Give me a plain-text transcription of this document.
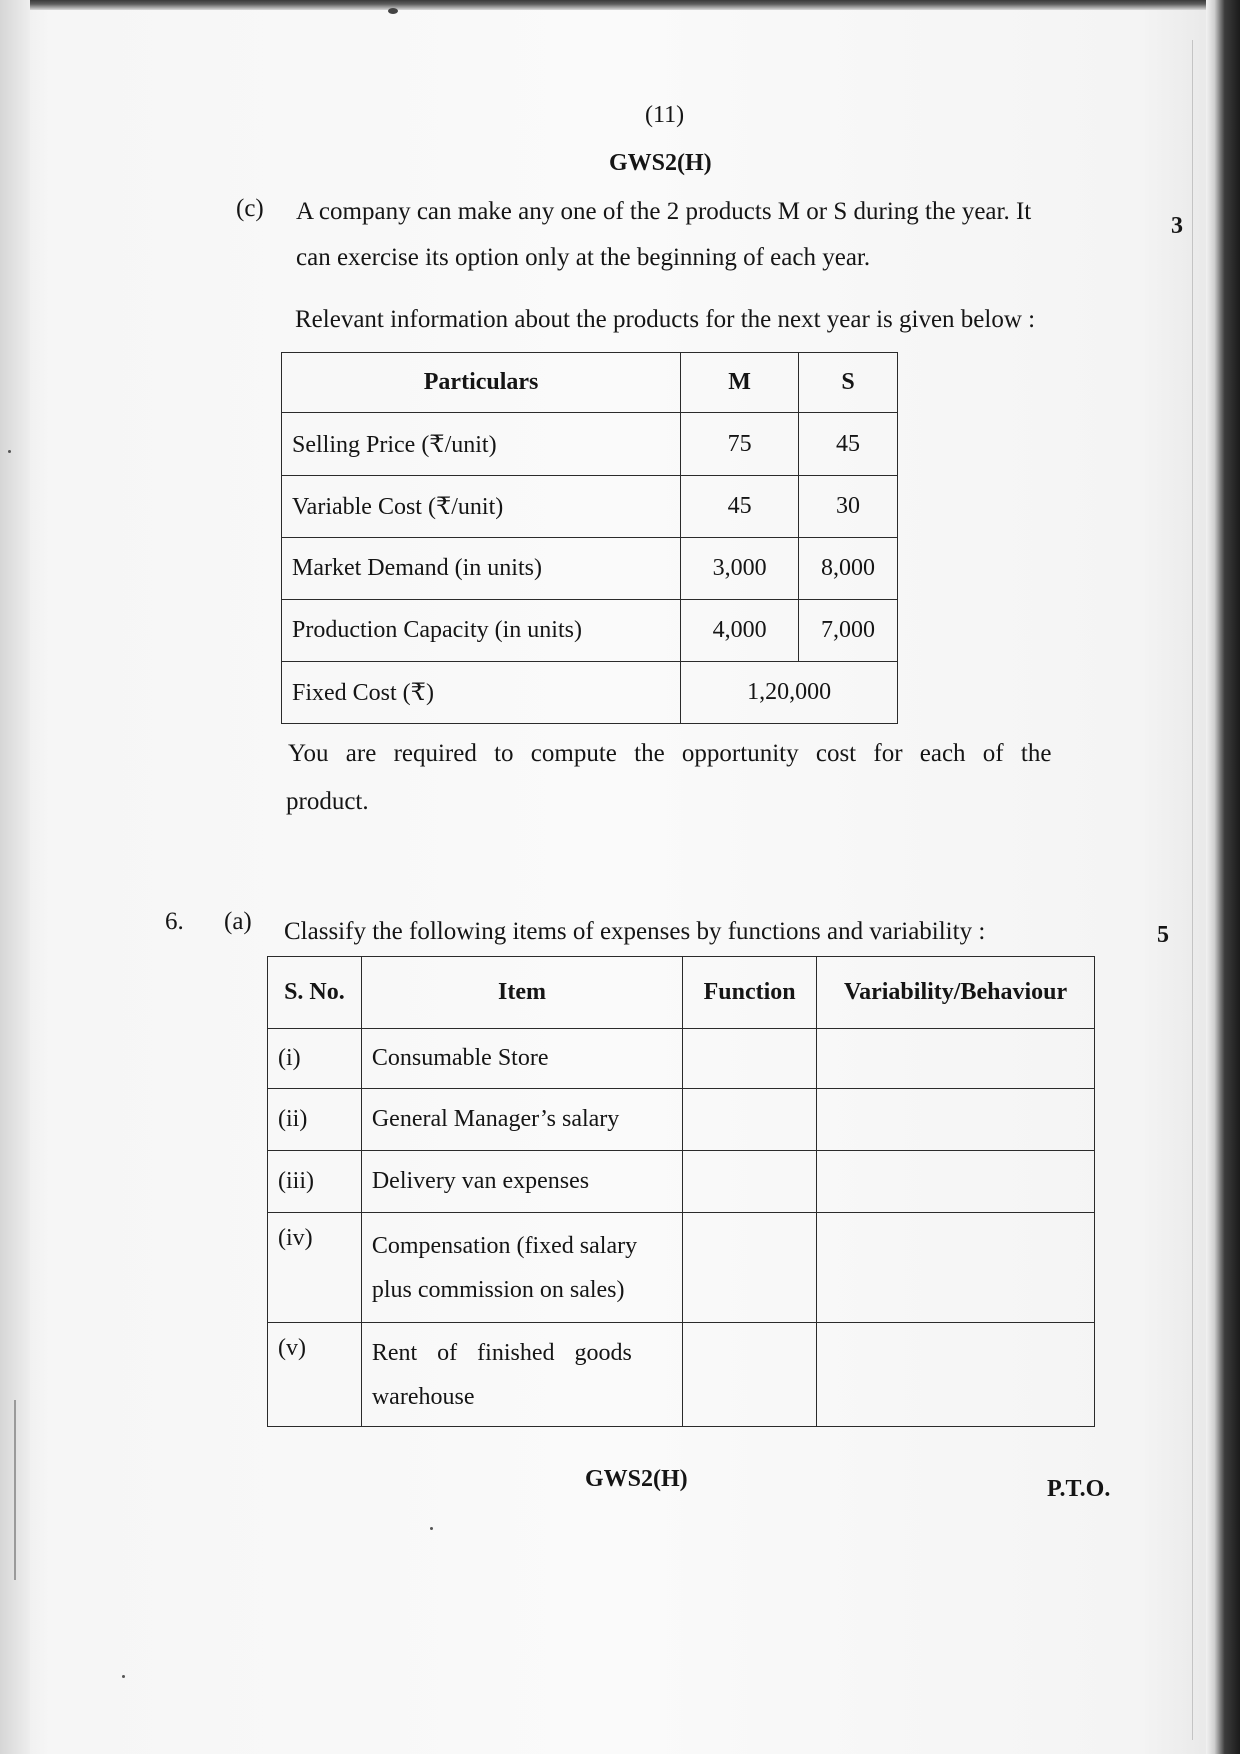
(11)
GWS2(H)
(c) A company can make any one of the 2 products M or S during the year. It
can exercise its option only at the beginning of each year.
3
Relevant information about the products for the next year is given below :
Particulars	M	S
Selling Price (₹/unit)	75	45
Variable Cost (₹/unit)	45	30
Market Demand (in units)	3,000	8,000
Production Capacity (in units)	4,000	7,000
Fixed Cost (₹)	1,20,000	
You are required to compute the opportunity cost for each of the
product.
6. (a) Classify the following items of expenses by functions and variability :	5
S. No.	Item	Function	Variability/Behaviour
(i)	Consumable Store		
(ii)	General Manager’s salary		
(iii)	Delivery van expenses		
(iv)	Compensation (fixed salary
plus commission on sales)		

(v)	Rent of finished goods
warehouse		

GWS2(H)	P.T.O.
